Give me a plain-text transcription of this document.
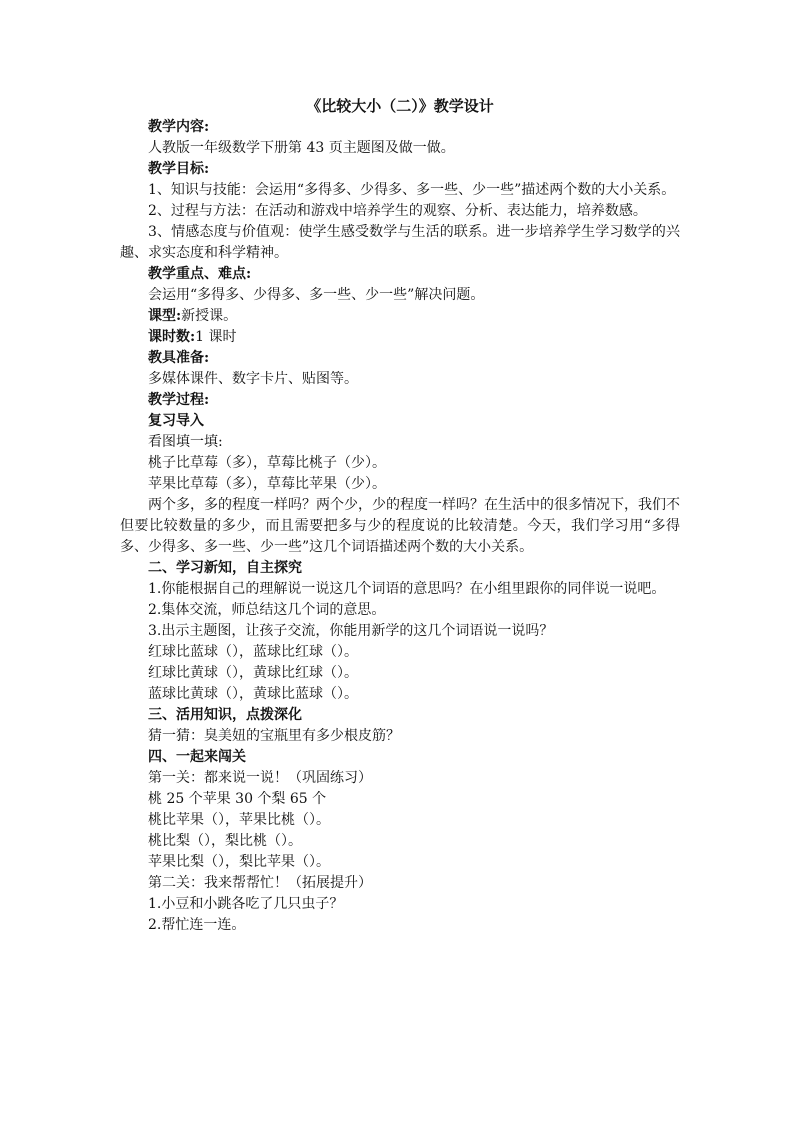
《比较大小（二）》教学设计

教学内容:

人教版一年级数学下册第 43 页主题图及做一做。

教学目标:

1、知识与技能：会运用“多得多、少得多、多一些、少一些”描述两个数的大小关系。

2、过程与方法：在活动和游戏中培养学生的观察、分析、表达能力，培养数感。

3、情感态度与价值观：使学生感受数学与生活的联系。进一步培养学生学习数学的兴趣、求实态度和科学精神。

教学重点、难点:

会运用“多得多、少得多、多一些、少一些”解决问题。

课型:新授课。

课时数:1 课时

教具准备:

多媒体课件、数字卡片、贴图等。

教学过程:

复习导入

看图填一填:

桃子比草莓（多），草莓比桃子（少）。

苹果比草莓（多），草莓比苹果（少）。

两个多，多的程度一样吗？两个少，少的程度一样吗？在生活中的很多情况下，我们不但要比较数量的多少，而且需要把多与少的程度说的比较清楚。今天，我们学习用“多得多、少得多、多一些、少一些”这几个词语描述两个数的大小关系。

二、学习新知，自主探究

1.你能根据自己的理解说一说这几个词语的意思吗？在小组里跟你的同伴说一说吧。

2.集体交流，师总结这几个词的意思。

3.出示主题图，让孩子交流，你能用新学的这几个词语说一说吗？

红球比蓝球（），蓝球比红球（）。

红球比黄球（），黄球比红球（）。

蓝球比黄球（），黄球比蓝球（）。

三、活用知识，点拨深化

猜一猜：臭美妞的宝瓶里有多少根皮筋？

四、一起来闯关

第一关：都来说一说！（巩固练习）

桃 25 个苹果 30 个梨 65 个

桃比苹果（），苹果比桃（）。

桃比梨（），梨比桃（）。

苹果比梨（），梨比苹果（）。

第二关：我来帮帮忙！（拓展提升）

1.小豆和小跳各吃了几只虫子？

2.帮忙连一连。
